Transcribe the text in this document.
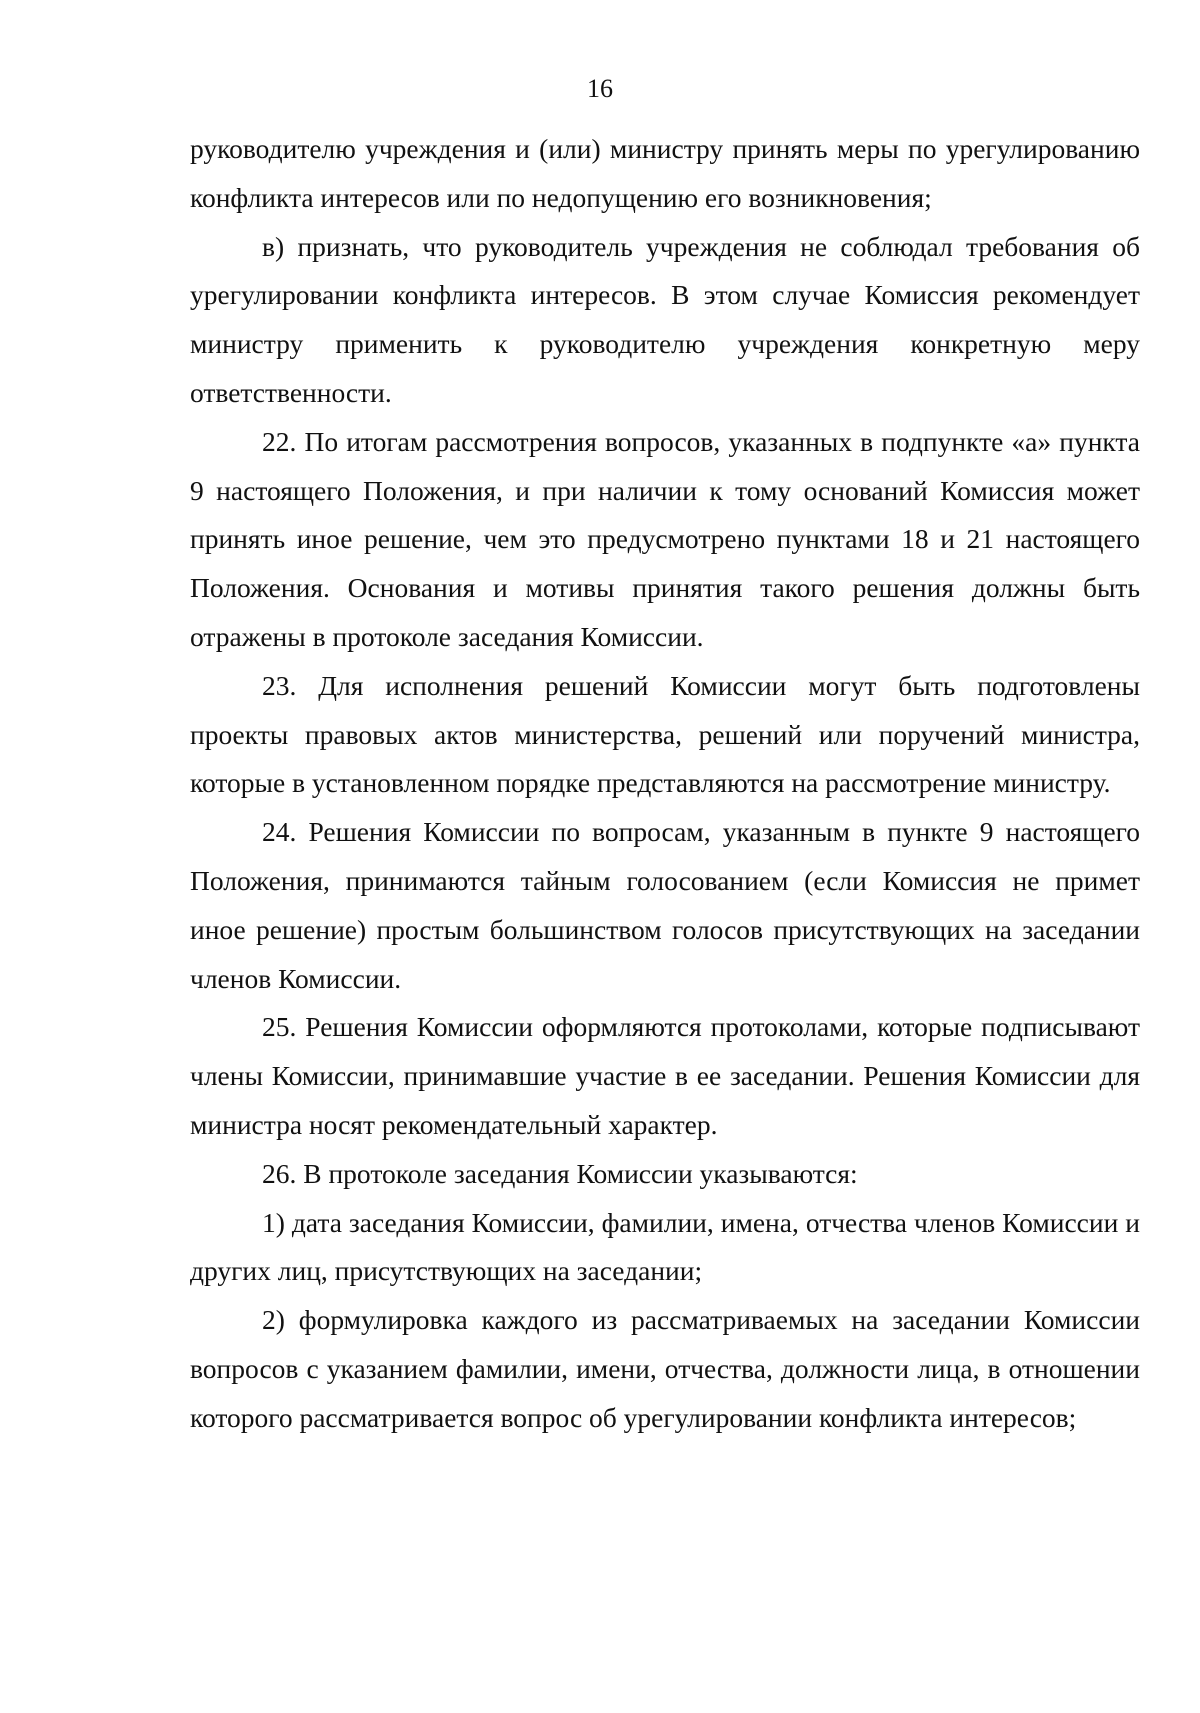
16

руководителю учреждения и (или) министру принять меры по урегулированию конфликта интересов или по недопущению его возникновения;

в) признать, что руководитель учреждения не соблюдал требования об урегулировании конфликта интересов. В этом случае Комиссия рекомендует министру применить к руководителю учреждения конкретную меру ответственности.

22. По итогам рассмотрения вопросов, указанных в подпункте «а» пункта 9 настоящего Положения, и при наличии к тому оснований Комиссия может принять иное решение, чем это предусмотрено пунктами 18 и 21 настоящего Положения. Основания и мотивы принятия такого решения должны быть отражены в протоколе заседания Комиссии.

23. Для исполнения решений Комиссии могут быть подготовлены проекты правовых актов министерства, решений или поручений министра, которые в установленном порядке представляются на рассмотрение министру.

24. Решения Комиссии по вопросам, указанным в пункте 9 настоящего Положения, принимаются тайным голосованием (если Комиссия не примет иное решение) простым большинством голосов присутствующих на заседании членов Комиссии.

25. Решения Комиссии оформляются протоколами, которые подписывают члены Комиссии, принимавшие участие в ее заседании. Решения Комиссии для министра носят рекомендательный характер.

26. В протоколе заседания Комиссии указываются:

1) дата заседания Комиссии, фамилии, имена, отчества членов Комиссии и других лиц, присутствующих на заседании;

2) формулировка каждого из рассматриваемых на заседании Комиссии вопросов с указанием фамилии, имени, отчества, должности лица, в отношении которого рассматривается вопрос об урегулировании конфликта интересов;
